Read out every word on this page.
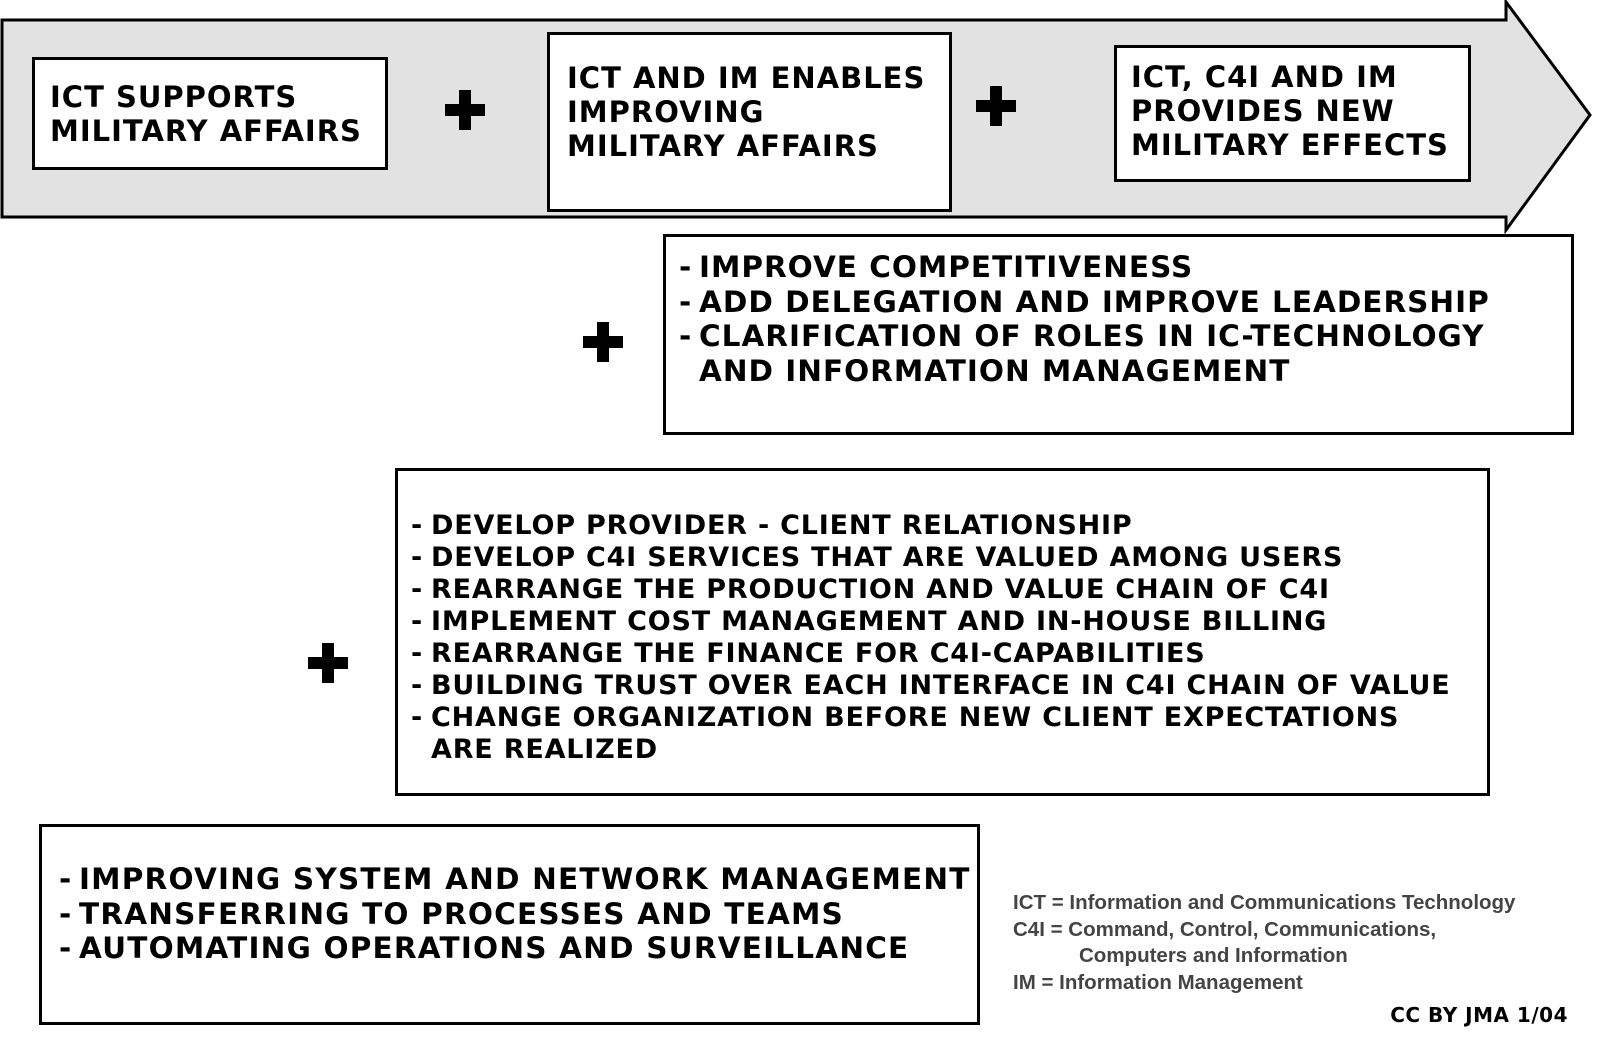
ICT SUPPORTS
MILITARY AFFAIRS
ICT AND IM ENABLES
IMPROVING
MILITARY AFFAIRS
ICT, C4I AND IM
PROVIDES NEW
MILITARY EFFECTS
- IMPROVE COMPETITIVENESS
- ADD DELEGATION AND IMPROVE LEADERSHIP
- CLARIFICATION OF ROLES IN IC-TECHNOLOGY
AND INFORMATION MANAGEMENT
- DEVELOP PROVIDER - CLIENT RELATIONSHIP
- DEVELOP C4I SERVICES THAT ARE VALUED AMONG USERS
- REARRANGE THE PRODUCTION AND VALUE CHAIN OF C4I
- IMPLEMENT COST MANAGEMENT AND IN-HOUSE BILLING
- REARRANGE THE FINANCE FOR C4I-CAPABILITIES
- BUILDING TRUST OVER EACH INTERFACE IN C4I CHAIN OF VALUE
- CHANGE ORGANIZATION BEFORE NEW CLIENT EXPECTATIONS
ARE REALIZED
- IMPROVING SYSTEM AND NETWORK MANAGEMENT
- TRANSFERRING TO PROCESSES AND TEAMS
- AUTOMATING OPERATIONS AND SURVEILLANCE
ICT = Information and Communications Technology
C4I = Command, Control, Communications,
Computers and Information
IM = Information Management
CC BY JMA 1/04
